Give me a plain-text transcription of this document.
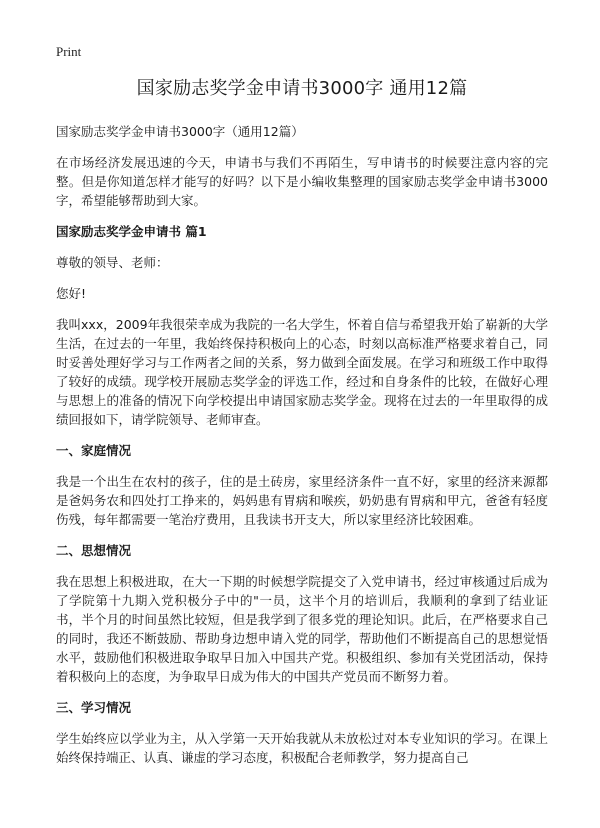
Print
国家励志奖学金申请书3000字 通用12篇

国家励志奖学金申请书3000字（通用12篇）

在市场经济发展迅速的今天，申请书与我们不再陌生，写申请书的时候要注意内容的完整。但是你知道怎样才能写的好吗？以下是小编收集整理的国家励志奖学金申请书3000字，希望能够帮助到大家。

国家励志奖学金申请书 篇1

尊敬的领导、老师：

您好!

我叫xxx，2009年我很荣幸成为我院的一名大学生，怀着自信与希望我开始了崭新的大学生活，在过去的一年里，我始终保持积极向上的心态，时刻以高标准严格要求着自己，同时妥善处理好学习与工作两者之间的关系，努力做到全面发展。在学习和班级工作中取得了较好的成绩。现学校开展励志奖学金的评选工作，经过和自身条件的比较，在做好心理与思想上的准备的情况下向学校提出申请国家励志奖学金。现将在过去的一年里取得的成绩回报如下，请学院领导、老师审查。

一、家庭情况

我是一个出生在农村的孩子，住的是土砖房，家里经济条件一直不好，家里的经济来源都是爸妈务农和四处打工挣来的，妈妈患有胃病和喉疾，奶奶患有胃病和甲亢，爸爸有轻度伤残，每年都需要一笔治疗费用，且我读书开支大，所以家里经济比较困难。

二、思想情况

我在思想上积极进取，在大一下期的时候想学院提交了入党申请书，经过审核通过后成为了学院第十九期入党积极分子中的"一员，这半个月的培训后，我顺利的拿到了结业证书，半个月的时间虽然比较短，但是我学到了很多党的理论知识。此后，在严格要求自己的同时，我还不断鼓励、帮助身边想申请入党的同学，帮助他们不断提高自己的思想觉悟水平，鼓励他们积极进取争取早日加入中国共产党。积极组织、参加有关党团活动，保持着积极向上的态度，为争取早日成为伟大的中国共产党员而不断努力着。

三、学习情况

学生始终应以学业为主，从入学第一天开始我就从未放松过对本专业知识的学习。在课上始终保持端正、认真、谦虚的学习态度，积极配合老师教学，努力提高自己
